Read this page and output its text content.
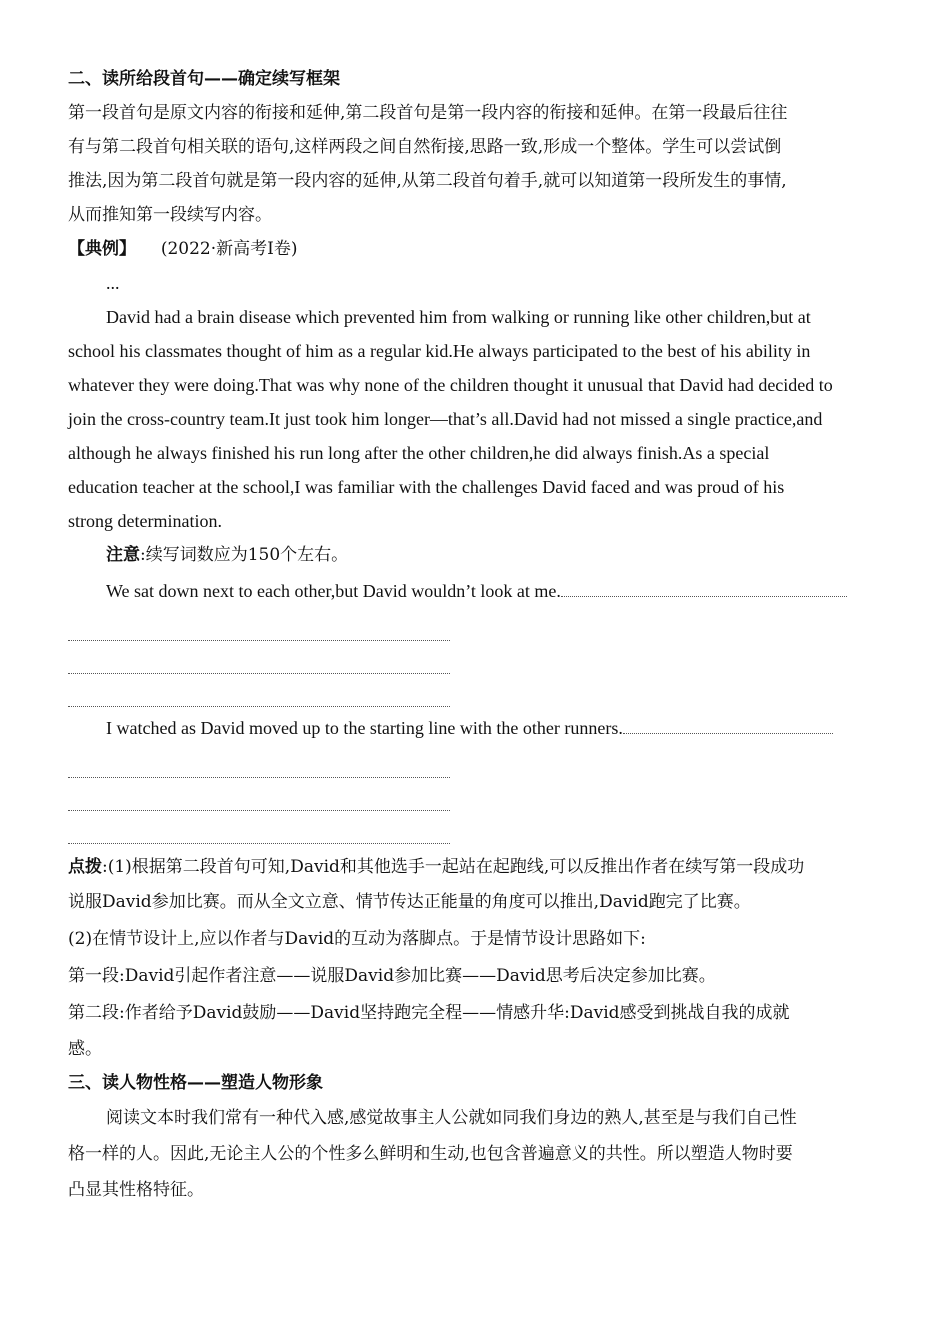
二、读所给段首句——确定续写框架
第一段首句是原文内容的衔接和延伸,第二段首句是第一段内容的衔接和延伸。在第一段最后往往
有与第二段首句相关联的语句,这样两段之间自然衔接,思路一致,形成一个整体。学生可以尝试倒
推法,因为第二段首句就是第一段内容的延伸,从第二段首句着手,就可以知道第一段所发生的事情,
从而推知第一段续写内容。
【典例】 (2022·新高考Ⅰ卷)
...
David had a brain disease which prevented him from walking or running like other children,but at
school his classmates thought of him as a regular kid.He always participated to the best of his ability in
whatever they were doing.That was why none of the children thought it unusual that David had decided to
join the cross-country team.It just took him longer—that’s all.David had not missed a single practice,and
although he always finished his run long after the other children,he did always finish.As a special
education teacher at the school,I was familiar with the challenges David faced and was proud of his
strong determination.
注意:续写词数应为150个左右。
We sat down next to each other,but David wouldn’t look at me.
I watched as David moved up to the starting line with the other runners.
点拨:(1)根据第二段首句可知,David和其他选手一起站在起跑线,可以反推出作者在续写第一段成功
说服David参加比赛。而从全文立意、情节传达正能量的角度可以推出,David跑完了比赛。
(2)在情节设计上,应以作者与David的互动为落脚点。于是情节设计思路如下:
第一段:David引起作者注意——说服David参加比赛——David思考后决定参加比赛。
第二段:作者给予David鼓励——David坚持跑完全程——情感升华:David感受到挑战自我的成就
感。
三、读人物性格——塑造人物形象
阅读文本时我们常有一种代入感,感觉故事主人公就如同我们身边的熟人,甚至是与我们自己性
格一样的人。因此,无论主人公的个性多么鲜明和生动,也包含普遍意义的共性。所以塑造人物时要
凸显其性格特征。
